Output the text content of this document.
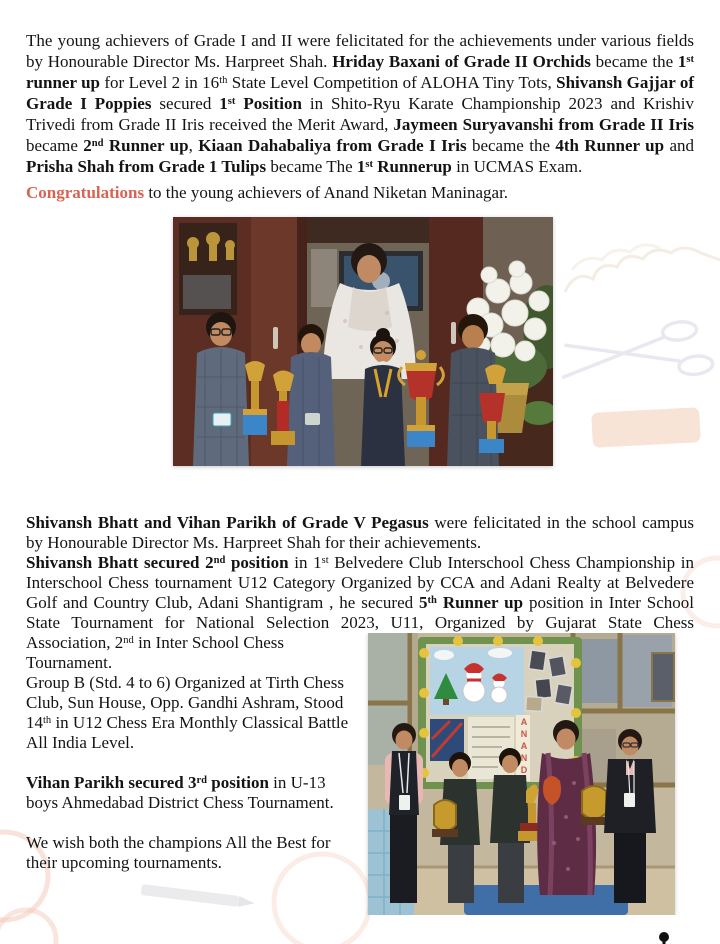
The young achievers of Grade I and II were felicitated for the achievements under various fields by Honourable Director Ms. Harpreet Shah. Hriday Baxani of Grade II Orchids became the 1st runner up for Level 2 in 16th State Level Competition of ALOHA Tiny Tots, Shivansh Gajjar of Grade I Poppies secured 1st Position in Shito-Ryu Karate Championship 2023 and Krishiv Trivedi from Grade II Iris received the Merit Award, Jaymeen Suryavanshi from Grade II Iris became 2nd Runner up, Kiaan Dahabaliya from Grade I Iris became the 4th Runner up and Prisha Shah from Grade 1 Tulips became The 1st Runnerup in UCMAS Exam.

Congratulations to the young achievers of Anand Niketan Maninagar.

Shivansh Bhatt and Vihan Parikh of Grade V Pegasus were felicitated in the school campus by Honourable Director Ms. Harpreet Shah for their achievements.

Shivansh Bhatt secured 2nd position in 1st Belvedere Club Interschool Chess Championship in Interschool Chess tournament U12 Category Organized by CCA and Adani Realty at Belvedere Golf and Country Club, Adani Shantigram , he secured 5th Runner up position in Inter School State Tournament for National Selection 2023, U11, Organized by Gujarat State Chess

ANAND

Association, 2nd in Inter School Chess Tournament.

Group B (Std. 4 to 6) Organized at Tirth Chess Club, Sun House, Opp. Gandhi Ashram, Stood 14th in U12 Chess Era Monthly Classical Battle All India Level.

Vihan Parikh secured 3rd position in U-13 boys Ahmedabad District Chess Tournament.

We wish both the champions All the Best for their upcoming tournaments.
